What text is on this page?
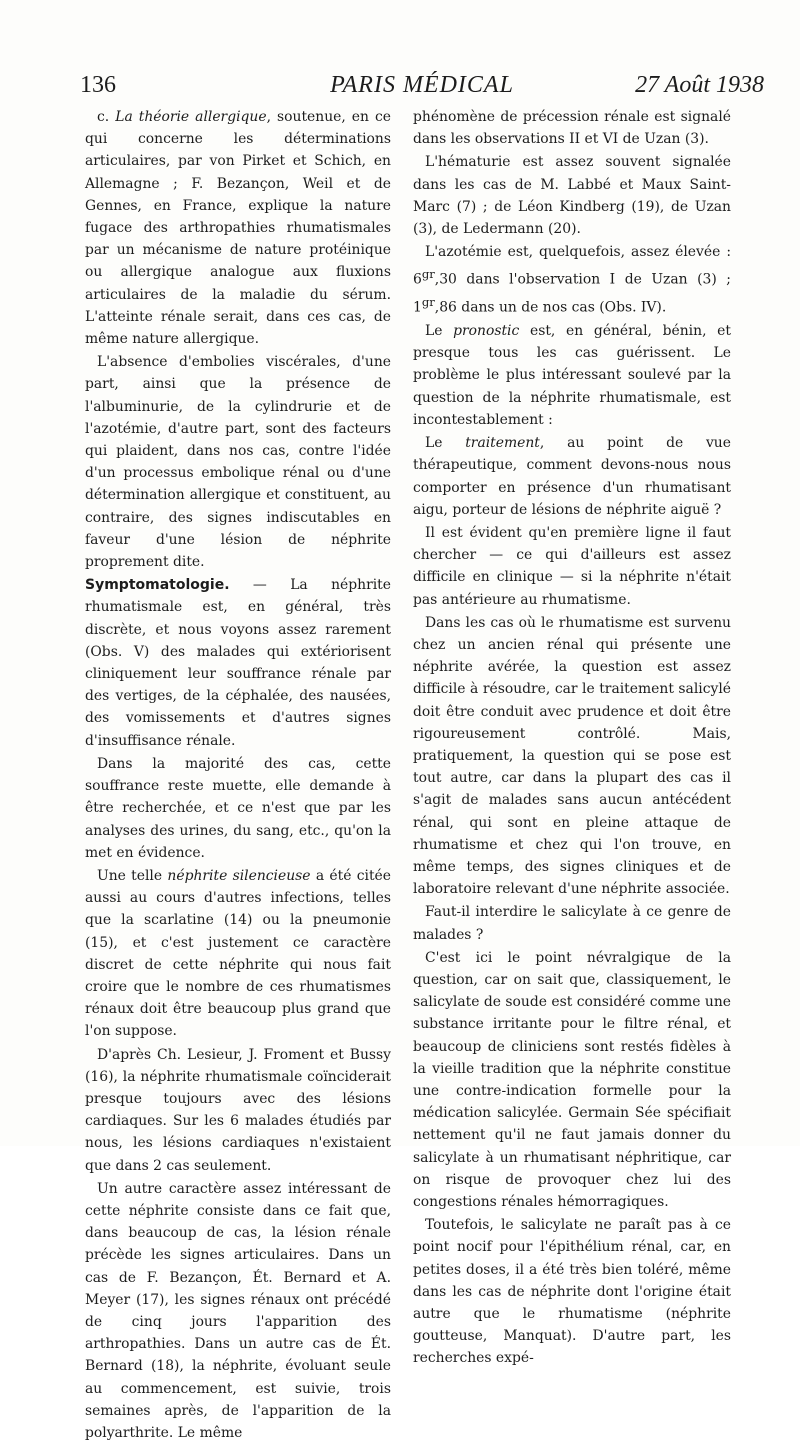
136	PARIS MÉDICAL	27 Août 1938

c. La théorie allergique, soutenue, en ce qui concerne les déterminations articulaires, par von Pirket et Schich, en Allemagne ; F. Bezançon, Weil et de Gennes, en France, explique la nature fugace des arthropathies rhumatismales par un mécanisme de nature protéinique ou allergique analogue aux fluxions articulaires de la maladie du sérum. L'atteinte rénale serait, dans ces cas, de même nature allergique.

L'absence d'embolies viscérales, d'une part, ainsi que la présence de l'albuminurie, de la cylindrurie et de l'azotémie, d'autre part, sont des facteurs qui plaident, dans nos cas, contre l'idée d'un processus embolique rénal ou d'une détermination allergique et constituent, au contraire, des signes indiscutables en faveur d'une lésion de néphrite proprement dite.

Symptomatologie. — La néphrite rhumatismale est, en général, très discrète, et nous voyons assez rarement (Obs. V) des malades qui extériorisent cliniquement leur souffrance rénale par des vertiges, de la céphalée, des nausées, des vomissements et d'autres signes d'insuffisance rénale.

Dans la majorité des cas, cette souffrance reste muette, elle demande à être recherchée, et ce n'est que par les analyses des urines, du sang, etc., qu'on la met en évidence.

Une telle néphrite silencieuse a été citée aussi au cours d'autres infections, telles que la scarlatine (14) ou la pneumonie (15), et c'est justement ce caractère discret de cette néphrite qui nous fait croire que le nombre de ces rhumatismes rénaux doit être beaucoup plus grand que l'on suppose.

D'après Ch. Lesieur, J. Froment et Bussy (16), la néphrite rhumatismale coïnciderait presque toujours avec des lésions cardiaques. Sur les 6 malades étudiés par nous, les lésions cardiaques n'existaient que dans 2 cas seulement.

Un autre caractère assez intéressant de cette néphrite consiste dans ce fait que, dans beaucoup de cas, la lésion rénale précède les signes articulaires. Dans un cas de F. Bezançon, Ét. Bernard et A. Meyer (17), les signes rénaux ont précédé de cinq jours l'apparition des arthropathies. Dans un autre cas de Ét. Bernard (18), la néphrite, évoluant seule au commencement, est suivie, trois semaines après, de l'apparition de la polyarthrite. Le même

phénomène de précession rénale est signalé dans les observations II et VI de Uzan (3).

L'hématurie est assez souvent signalée dans les cas de M. Labbé et Maux Saint-Marc (7) ; de Léon Kindberg (19), de Uzan (3), de Ledermann (20).

L'azotémie est, quelquefois, assez élevée : $6^{gr},30$ dans l'observation I de Uzan (3) ; $1^{gr},86$ dans un de nos cas (Obs. IV).

Le pronostic est, en général, bénin, et presque tous les cas guérissent. Le problème le plus intéressant soulevé par la question de la néphrite rhumatismale, est incontestablement :

Le traitement, au point de vue thérapeutique, comment devons-nous nous comporter en présence d'un rhumatisant aigu, porteur de lésions de néphrite aiguë ?

Il est évident qu'en première ligne il faut chercher — ce qui d'ailleurs est assez difficile en clinique — si la néphrite n'était pas antérieure au rhumatisme.

Dans les cas où le rhumatisme est survenu chez un ancien rénal qui présente une néphrite avérée, la question est assez difficile à résoudre, car le traitement salicylé doit être conduit avec prudence et doit être rigoureusement contrôlé. Mais, pratiquement, la question qui se pose est tout autre, car dans la plupart des cas il s'agit de malades sans aucun antécédent rénal, qui sont en pleine attaque de rhumatisme et chez qui l'on trouve, en même temps, des signes cliniques et de laboratoire relevant d'une néphrite associée.

Faut-il interdire le salicylate à ce genre de malades ?

C'est ici le point névralgique de la question, car on sait que, classiquement, le salicylate de soude est considéré comme une substance irritante pour le filtre rénal, et beaucoup de cliniciens sont restés fidèles à la vieille tradition que la néphrite constitue une contre-indication formelle pour la médication salicylée. Germain Sée spécifiait nettement qu'il ne faut jamais donner du salicylate à un rhumatisant néphritique, car on risque de provoquer chez lui des congestions rénales hémorragiques.

Toutefois, le salicylate ne paraît pas à ce point nocif pour l'épithélium rénal, car, en petites doses, il a été très bien toléré, même dans les cas de néphrite dont l'origine était autre que le rhumatisme (néphrite goutteuse, Manquat). D'autre part, les recherches expé-
